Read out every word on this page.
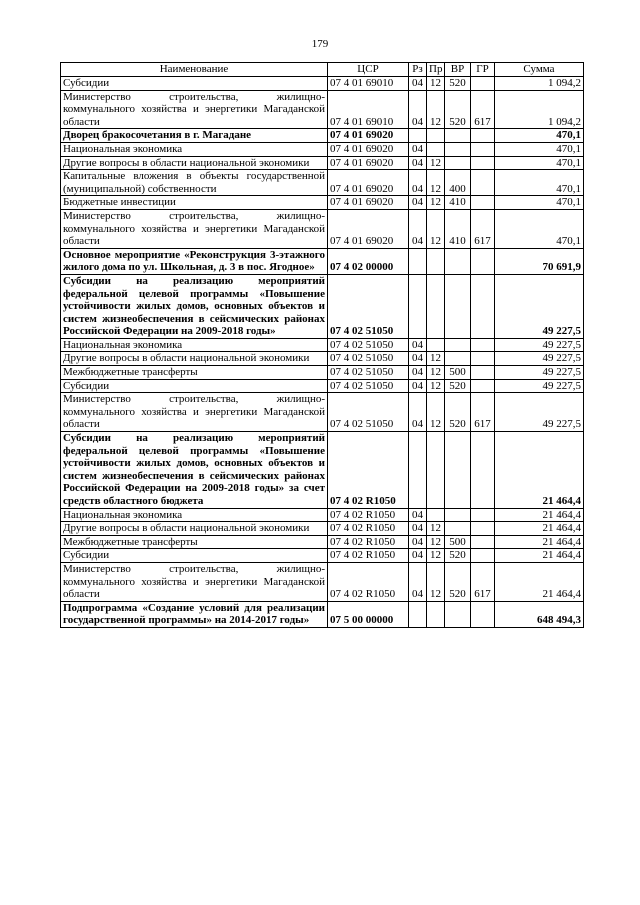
179
Наименование	ЦСР	Рз	Пр	ВР	ГР	Сумма
Субсидии	07 4 01 69010	04	12	520		1 094,2
Министерство строительства, жилищно-коммунального хозяйства и энергетики Магаданской области	07 4 01 69010	04	12	520	617	1 094,2
Дворец бракосочетания в г. Магадане	07 4 01 69020					470,1
Национальная экономика	07 4 01 69020	04				470,1
Другие вопросы в области национальной экономики	07 4 01 69020	04	12			470,1
Капитальные вложения в объекты государственной (муниципальной) собственности	07 4 01 69020	04	12	400		470,1
Бюджетные инвестиции	07 4 01 69020	04	12	410		470,1
Министерство строительства, жилищно-коммунального хозяйства и энергетики Магаданской области	07 4 01 69020	04	12	410	617	470,1
Основное мероприятие «Реконструкция 3-этажного жилого дома по ул. Школьная, д. 3 в пос. Ягодное»	07 4 02 00000					70 691,9
Субсидии на реализацию мероприятий федеральной целевой программы «Повышение устойчивости жилых домов, основных объектов и систем жизнеобеспечения в сейсмических районах Российской Федерации на 2009-2018 годы»	07 4 02 51050					49 227,5
Национальная экономика	07 4 02 51050	04				49 227,5
Другие вопросы в области национальной экономики	07 4 02 51050	04	12			49 227,5
Межбюджетные трансферты	07 4 02 51050	04	12	500		49 227,5
Субсидии	07 4 02 51050	04	12	520		49 227,5
Министерство строительства, жилищно-коммунального хозяйства и энергетики Магаданской области	07 4 02 51050	04	12	520	617	49 227,5
Субсидии на реализацию мероприятий федеральной целевой программы «Повышение устойчивости жилых домов, основных объектов и систем жизнеобеспечения в сейсмических районах Российской Федерации на 2009-2018 годы» за счет средств областного бюджета	07 4 02 R1050					21 464,4
Национальная экономика	07 4 02 R1050	04				21 464,4
Другие вопросы в области национальной экономики	07 4 02 R1050	04	12			21 464,4
Межбюджетные трансферты	07 4 02 R1050	04	12	500		21 464,4
Субсидии	07 4 02 R1050	04	12	520		21 464,4
Министерство строительства, жилищно-коммунального хозяйства и энергетики Магаданской области	07 4 02 R1050	04	12	520	617	21 464,4
Подпрограмма «Создание условий для реализации государственной программы» на 2014-2017 годы»	07 5 00 00000					648 494,3
